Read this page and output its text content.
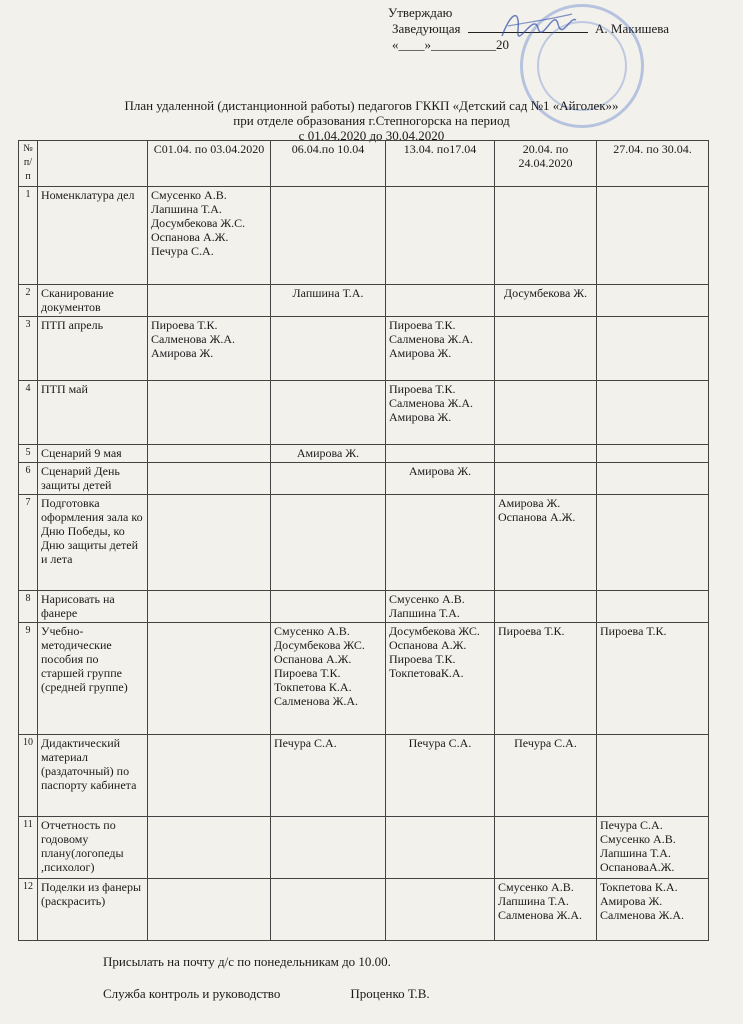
Утверждаю
Заведующая	А. Макишева
«____»__________20
План удаленной (дистанционной работы) педагогов ГККП «Детский сад №1 «Айголек»»
при отделе образования г.Степногорска на период
с 01.04.2020 до 30.04.2020
№ п/п		С01.04. по 03.04.2020	06.04.по 10.04	13.04. по17.04	20.04. по 24.04.2020	27.04. по 30.04.
1	Номенклатура дел	Смусенко А.В. Лапшина Т.А. Досумбекова Ж.С. Оспанова А.Ж. Печура С.А.				
2	Сканирование документов		Лапшина Т.А.		Досумбекова Ж.	
3	ПТП апрель	Пироева Т.К. Салменова Ж.А. Амирова Ж.		Пироева Т.К. Салменова Ж.А. Амирова Ж.		
4	ПТП май			Пироева Т.К. Салменова Ж.А. Амирова Ж.		
5	Сценарий 9 мая		Амирова Ж.			
6	Сценарий День защиты детей			Амирова Ж.		
7	Подготовка оформления зала ко Дню Победы, ко Дню защиты детей и лета				Амирова Ж. Оспанова А.Ж.	
8	Нарисовать на фанере			Смусенко А.В. Лапшина Т.А.		
9	Учебно-методические пособия по старшей группе (средней группе)		Смусенко А.В. Досумбекова ЖС. Оспанова А.Ж. Пироева Т.К. Токпетова К.А. Салменова Ж.А.	Досумбекова ЖС. Оспанова А.Ж. Пироева Т.К. ТокпетоваК.А.	Пироева Т.К.	Пироева Т.К.
10	Дидактический материал (раздаточный) по паспорту кабинета		Печура С.А.	Печура С.А.	Печура С.А.	
11	Отчетность по годовому плану(логопеды ,психолог)					Печура С.А. Смусенко А.В. Лапшина Т.А. ОспановаА.Ж.
12	Поделки из фанеры (раскрасить)				Смусенко А.В. Лапшина Т.А. Салменова Ж.А.	Токпетова К.А. Амирова Ж. Салменова Ж.А.
Присылать на почту д/с по понедельникам до 10.00.
Служба контроль и руководство	Проценко Т.В.
